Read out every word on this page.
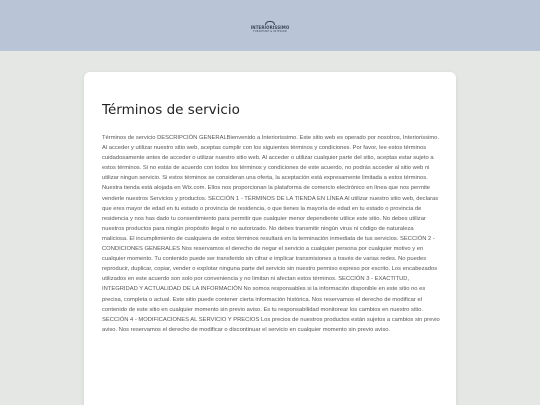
INTERIORISSIMO
FURNITURE & INTERIOR
Términos de servicio

Términos de servicio DESCRIPCIÓN GENERALBienvenido a Interiorissimo. Este sitio web es operado por nosotros, Interiorissimo. Al acceder y utilizar nuestro sitio web, aceptas cumplir con los siguientes términos y condiciones. Por favor, lee estos términos cuidadosamente antes de acceder o utilizar nuestro sitio web. Al acceder o utilizar cualquier parte del sitio, aceptas estar sujeto a estos términos. Si no estás de acuerdo con todos los términos y condiciones de este acuerdo, no podrás acceder al sitio web ni utilizar ningun servicio. Si estos términos se consideran una oferta, la aceptación está expresamente limitada a estos términos. Nuestra tienda está alojada en Wix.com. Ellos nos proporcionan la plataforma de comercio electrónico en línea que nos permite venderle nuestros Servicios y productos. SECCIÓN 1 - TÉRMINOS DE LA TIENDA EN LÍNEA Al utilizar nuestro sitio web, declaras que eres mayor de edad en tu estado o provincia de residencia, o que tienes la mayoría de edad en tu estado o provincia de residencia y nos has dado tu consentimiento para permitir que cualquier menor dependiente utilice este sitio. No debes utilizar nuestros productos para ningún propósito ilegal o no autorizado. No debes transmitir ningún virus ni código de naturaleza maliciosa. El incumplimiento de cualquiera de estos términos resultará en la terminación inmediata de tus servicios. SECCIÓN 2 - CONDICIONES GENERALES Nos reservamos el derecho de negar el servicio a cualquier persona por cualquier motivo y en cualquier momento. Tu contenido puede ser transferido sin cifrar e implicar transmisiones a través de varias redes. No puedes reproducir, duplicar, copiar, vender o explotar ninguna parte del servicio sin nuestro permiso expreso por escrito. Los encabezados utilizados en este acuerdo son solo por conveniencia y no limitan ni afectan estos términos. SECCIÓN 3 - EXACTITUD, INTEGRIDAD Y ACTUALIDAD DE LA INFORMACIÓN No somos responsables si la información disponible en este sitio no es precisa, completa o actual. Este sitio puede contener cierta información histórica. Nos reservamos el derecho de modificar el contenido de este sitio en cualquier momento sin previo aviso. Es tu responsabilidad monitorear los cambios en nuestro sitio. SECCIÓN 4 - MODIFICACIONES AL SERVICIO Y PRECIOS Los precios de nuestros productos están sujetos a cambios sin previo aviso. Nos reservamos el derecho de modificar o discontinuar el servicio en cualquier momento sin previo aviso.
